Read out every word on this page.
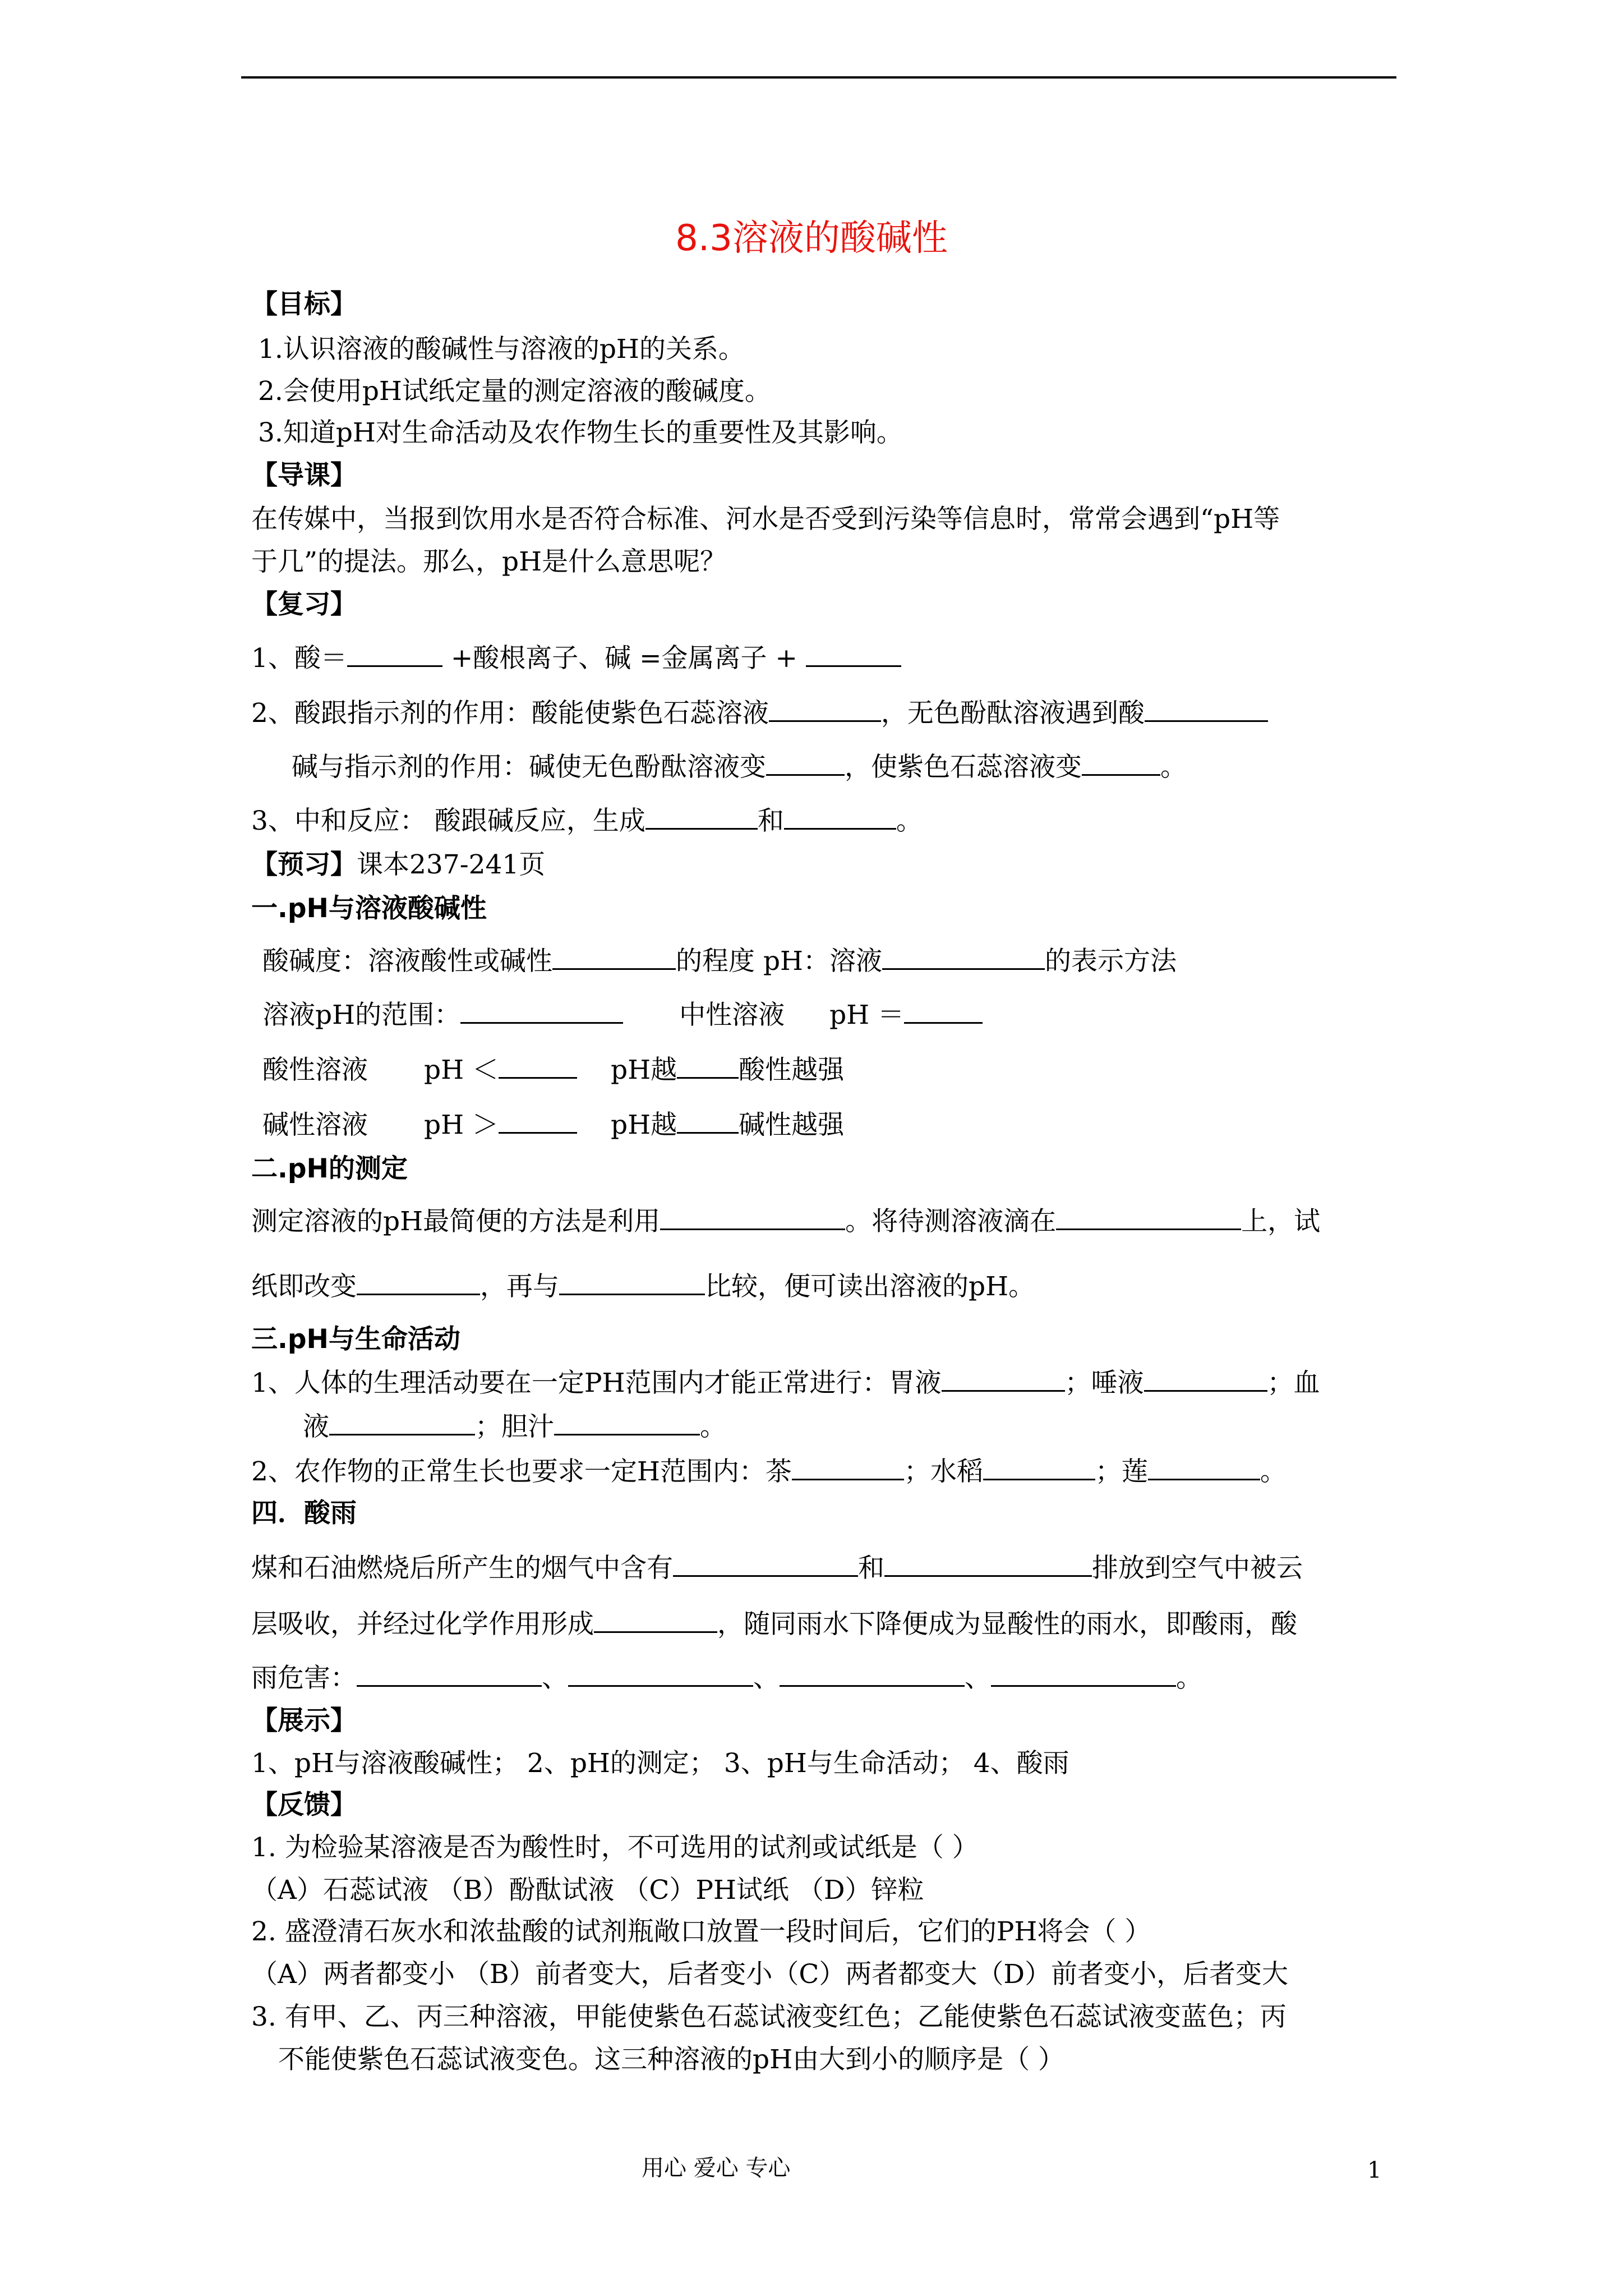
8.3溶液的酸碱性
【目标】
1.认识溶液的酸碱性与溶液的pH的关系。
2.会使用pH试纸定量的测定溶液的酸碱度。
3.知道pH对生命活动及农作物生长的重要性及其影响。
【导课】
在传媒中，当报到饮用水是否符合标准、河水是否受到污染等信息时，常常会遇到“pH等
于几”的提法。那么，pH是什么意思呢？
【复习】
1、酸＝	+酸根离子、碱 =金属离子 +
2、酸跟指示剂的作用：酸能使紫色石蕊溶液	，无色酚酞溶液遇到酸
碱与指示剂的作用：碱使无色酚酞溶液变	，使紫色石蕊溶液变	。
3、中和反应： 酸跟碱反应，生成	和	。
【预习】课本237-241页
一.pH与溶液酸碱性
酸碱度：溶液酸性或碱性	的程度 pH：溶液	的表示方法
溶液pH的范围：	中性溶液 pH ＝
酸性溶液 pH ＜	pH越 酸性越强
碱性溶液 pH ＞	pH越 碱性越强
二.pH的测定
测定溶液的pH最简便的方法是利用	。将待测溶液滴在	上，试
纸即改变	，再与	比较，便可读出溶液的pH。
三.pH与生命活动
1、人体的生理活动要在一定PH范围内才能正常进行：胃液	；唾液	；血
液	；胆汁	。
2、农作物的正常生长也要求一定H范围内：茶	；水稻	；莲	。
四．酸雨
煤和石油燃烧后所产生的烟气中含有	和	排放到空气中被云
层吸收，并经过化学作用形成	，随同雨水下降便成为显酸性的雨水，即酸雨，酸
雨危害：	、	、	、	。
【展示】
1、pH与溶液酸碱性； 2、pH的测定； 3、pH与生命活动； 4、酸雨
【反馈】
1. 为检验某溶液是否为酸性时，不可选用的试剂或试纸是（ ）
（A）石蕊试液 （B）酚酞试液 （C）PH试纸 （D）锌粒
2. 盛澄清石灰水和浓盐酸的试剂瓶敞口放置一段时间后，它们的PH将会（ ）
（A）两者都变小 （B）前者变大，后者变小（C）两者都变大（D）前者变小，后者变大
3. 有甲、乙、丙三种溶液，甲能使紫色石蕊试液变红色；乙能使紫色石蕊试液变蓝色；丙
不能使紫色石蕊试液变色。这三种溶液的pH由大到小的顺序是（ ）
用心 爱心 专心	1
